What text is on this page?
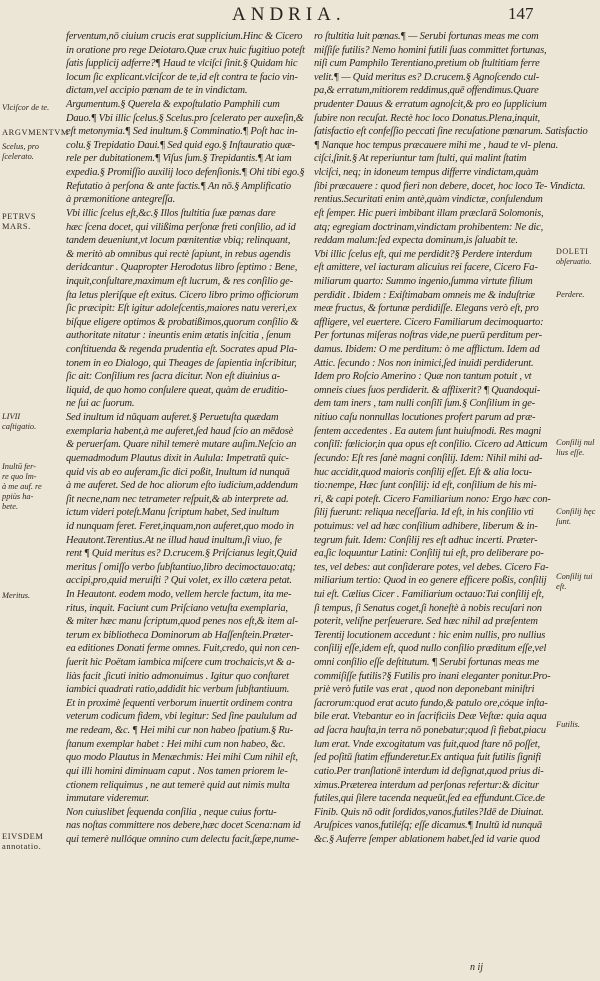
ANDRIA.	147
ferventum,nō ciuium crucis erat supplicium.Hinc & Cicero
in oratione pro rege Deiotaro.Quæ crux huic fugitiuo poteſt
ſatis ſupplicij adferre?¶ Haud te vlciſci ſinit.§ Quidam hic
locum ſic explicant.vlciſcor de te,id eſt contra te facio vin-
dictam,vel accipio pœnam de te in vindictam.
Argumentum.§ Querela & expoſtulatio Pamphili cum
Dauo.¶ Vbi illic ſcelus.§ Scelus.pro ſcelerato per auxeſin,&
eſt metonymia.¶ Sed inultum.§ Comminatio.¶ Poſt hac in-
colu.§ Trepidatio Daui.¶ Sed quid ego.§ Inſtauratio quæ-
rele per dubitationem.¶ Viſus ſum.§ Trepidantis.¶ At iam
expedia.§ Promiſſio auxilij loco defenſionis.¶ Ohi tibi ego.§
Refutatio à perſona & ante factis.¶ An nō.§ Amplificatio
à præmonitione antegreſſa.
Vbi illic ſcelus eſt,&c.§ Illos ſtultitia ſuæ pœnas dare
hæc ſcena docet, qui vilißima perſonæ freti conſilio, ad id
tandem deueniunt,vt locum pœnitentiæ vbiq; relinquant,
& meritò ab omnibus qui rectè ſapiunt, in rebus agendis
deridcantur . Quapropter Herodotus libro ſeptimo : Bene,
inquit,conſultare,maximum eſt lucrum, & res conſilio ge-
ſta letus pleriſque eſt exitus. Cicero libro primo officiorum
ſic præcipit: Eſt igitur adoleſcentis,maiores natu vereri,ex
biſque eligere optimos & probatißimos,quorum conſilio &
authoritate nitatur : ineuntis enim ætatis inſcitia , ſenum
conſtituenda & regenda prudentia eſt. Socrates apud Pla-
tonem in eo Dialogo, qui Theages de ſapientia inſcribitur,
ſic ait: Conſilium res ſacra dicitur. Non eſt diuinius a-
liquid, de quo homo conſulere queat, quàm de eruditio-
ne ſui ac ſuorum.
Sed inultum id nūquam auferet.§ Peruetuſta quædam
exemplaria habent,à me auferet,ſed haud ſcio an mēdosè
& peruerſam. Quare nihil temerè mutare auſim.Neſcio an
quemadmodum Plautus dixit in Aulula: Impetratū quic-
quid vis ab eo auferam,ſic dici poßit, Inultum id nunquā
à me auferet. Sed de hoc aliorum eſto iudicium,addendum
ſit necne,nam nec tetrameter reſpuit,& ab interprete ad.
ictum videri poteſt.Manu ſcriptum habet, Sed inultum
id nunquam feret. Feret,inquam,non auferet,quo modo in
Heautont.Terentius.At ne illud haud inultum,ſi viuo, fe
rent ¶ Quid meritus es? D.crucem.§ Priſcianus legit,Quid
meritus ſ omiſſo verbo ſubſtantiuo,libro decimoctauo:atq;
accipi,pro,quid meruiſti ? Qui volet, ex illo cætera petat.
In Heautont. eodem modo, vellem hercle factum, ita me-
ritus, inquit. Faciunt cum Priſciano vetuſta exemplaria,
& miter hæc manu ſcriptum,quod penes nos eſt,& item al-
terum ex bibliotheca Dominorum ab Haſſenſtein.Præter-
ea editiones Donati ferme omnes. Fuit,credo, qui non cen-
ſuerit hic Poëtam iambica miſcere cum trochaicis,vt & a-
liàs facit ,ſicuti initio admonuimus . Igitur quo conſtaret
iambici quadrati ratio,addidit hic verbum ſubſtantiuum.
Et in proximè ſequenti verborum inuertit ordinem contra
veterum codicum fidem, vbi legitur: Sed ſine paululum ad
me redeam, &c. ¶ Hei mihi cur non habeo ſpatium.§ Ru-
ſtanum exemplar habet : Hei mihi cum non habeo, &c.
quo modo Plautus in Menæchmis: Hei mihi Cum nihil eſt,
qui illi homini diminuam caput . Nos tamen priorem le-
ctionem reliquimus , ne aut temerè quid aut nimis multa
immutare videremur.
Non cuiuslibet ſequenda conſilia , neque cuius fortu-
nas noſtas committere nos debere,hæc docet Scena:nam id
qui temerè nullóque omnino cum delectu facit,ſæpe,nume-
ro ſtultitia luit pœnas.¶ — Serubi fortunas meas me com
miſſiſe futilis? Nemo homini futili ſuas committet fortunas,
niſi cum Pamphilo Terentiano,pretium ob ſtultitiam ferre
velit.¶ — Quid meritus es? D.crucem.§ Agnoſcendo cul-
pa,& erratum,mitiorem reddimus,quē offendimus.Quare
prudenter Dauus & erratum agnoſcit,& pro eo ſupplicium
ſubire non recuſat. Rectè hoc loco Donatus.Plena,inquit,
ſatisfactio eſt confeſſio peccati ſine recuſatione pœnarum. Satisfactio
¶ Nanque hoc tempus præcauere mihi me , haud te vl- plena.
ciſci,ſinit.§ At reperiuntur tam ſtulti, qui malint ſtatim
vlciſci, neq; in idoneum tempus differre vindictam,quàm
ſibi præcauere : quod fieri non debere, docet, hoc loco Te- Vindicta.
rentius.Securitati enim antè,quàm vindictæ, conſulendum
eſt ſemper. Hic pueri imbibant illam præclarā Solomonis,
atq; egregiam doctrinam,vindictam prohibentem: Ne dic,
reddam malum:ſed expecta dominum,is ſaluabit te.
Vbi illic ſcelus eſt, qui me perdidit?§ Perdere interdum
eſt amittere, vel iacturam alicuius rei facere, Cicero Fa-
miliarum quarto: Summo ingenio,ſumma virtute filium
perdidit . Ibidem : Exiſtimabam omneis me & induſtriæ
meæ fructus, & fortunæ perdidiſſe. Elegans verò eſt, pro
affligere, vel euertere. Cicero Familiarum decimoquarto:
Per fortunas miſeras noſtras vide,ne puerū perditum per-
damus. Ibidem: O me perditum: ò me afflictum. Idem ad
Attic. ſecundo : Nos non inimici,ſed inuidi perdiderunt.
Idem pro Roſcio Amerino : Quæ non tantum potuit , vt
omneis ciues ſuos perdiderit. & afflixerit? ¶ Quandoqui-
dem tam iners , tam nulli conſilî ſum.§ Conſilium in ge-
nitiuo caſu nonnullas locutiones profert parum ad præ-
ſentem accedentes . Ea autem ſunt huiuſmodi. Res magni
conſilî: fœlicior,in qua opus eſt conſilio. Cicero ad Atticum
ſecundo: Eſt res ſanè magni conſilij. Idem: Nihil mihi ad-
huc accidit,quod maioris conſilij eſſet. Eſt & alia locu-
tio:nempe, Hæc ſunt conſilij: id eſt, conſilium de his mi-
ri, & capi poteſt. Cicero Familiarium nono: Ergo hæc con-
ſilij fuerunt: reliqua neceſſaria. Id eſt, in his conſilio vti
potuimus: vel ad hæc conſilium adhibere, liberum & in-
tegrum fuit. Idem: Conſilij res eſt adhuc incerti. Præter-
ea,ſic loquuntur Latini: Conſilij tui eſt, pro deliberare po-
tes, vel debes: aut conſiderare potes, vel debes. Cicero Fa-
miliarium tertio: Quod in eo genere efficere poßis, conſilij
tui eſt. Cælius Cicer . Familiarium octauo:Tui conſilij eſt,
ſi tempus, ſi Senatus coget,ſi honeſtè à nobis recuſari non
poterit, velíſne perſeuerare. Sed hæc nihil ad præſentem
Terentij locutionem accedunt : hic enim nullis, pro nullius
conſilij eſſe,idem eſt, quod nullo conſilio præditum eſſe,vel
omni conſilio eſſe deſtitutum. ¶ Serubi fortunas meas me
commiſiſſe futilis?§ Futilis pro inani eleganter ponitur.Pro-
priè verò futile vas erat , quod non deponebant miniſtri
ſacrorum:quod erat acuto fundo,& patulo ore,cóque inſta-
bile erat. Vtebantur eo in ſacrificiis Deæ Veſtæ: quia aqua
ad ſacra hauſta,in terra nō ponebatur;quod ſi fiebat,piacu
lum erat. Vnde excogitatum vas fuit,quod ſtare nō poſſet,
ſed poſitū ſtatim effunderetur.Ex antiqua fuit futilis ſignifi
catio.Per tranſlationē interdum id deſignat,quod prius di-
ximus.Præterea interdum ad perſonas refertur:& dicitur
futiles,qui ſilere tacenda nequeūt,ſed ea effundunt.Cice.de
Finib. Quis nō odit ſordidos,vanos,futiles?Idē de Diuinat.
Aruſpices vanos,futiléſq; eſſe dicamus.¶ Inultū id nunquā
&c.§ Auferre ſemper ablationem habet,ſed id varie quod
Vlciſcor de te.
ARGVMENTVM
Scelus, pro
ſcelerato.
PETRVS
MARS.
LIVII
caſtigatio.
Inultū fer-
re quo lm-
à me auf. re
ppiùs ha-
bete.
Meritus.
EIVSDEM
annotatio.
DOLETI
obſeruatio.
Perdere.
Conſilij nul
lius eſſe.
Conſilij hęc
ſunt.
Conſilij tui
eſt.
Futilis.
n ij
